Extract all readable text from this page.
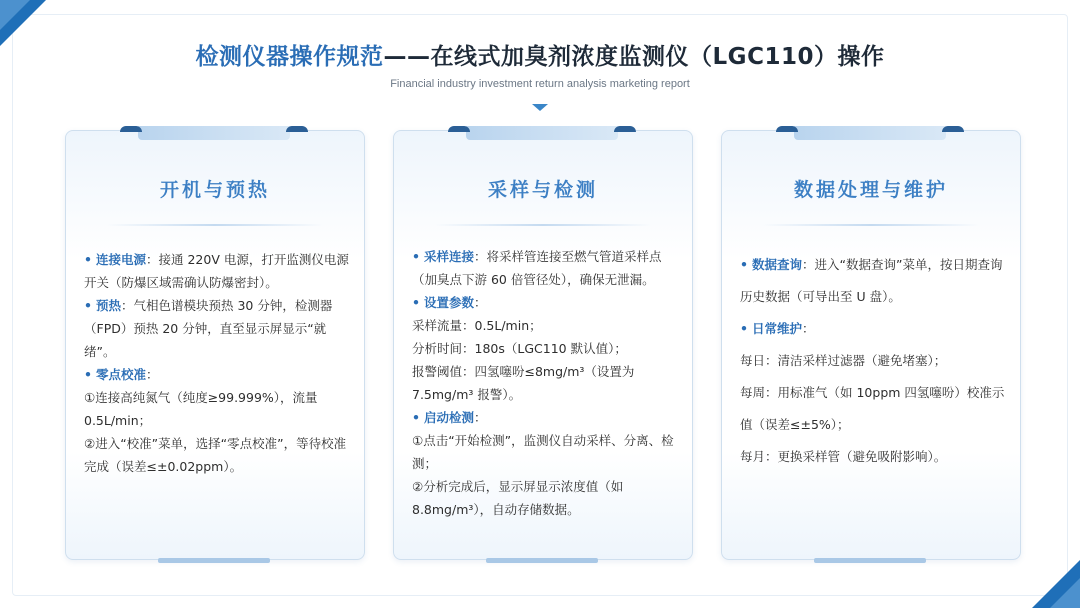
检测仪器操作规范——在线式加臭剂浓度监测仪（LGC110）操作
Financial industry investment return analysis marketing report
开机与预热

• 连接电源：接通 220V 电源，打开监测仪电源开关（防爆区域需确认防爆密封）。

• 预热：气相色谱模块预热 30 分钟，检测器（FPD）预热 20 分钟，直至显示屏显示“就绪”。

• 零点校准：

①连接高纯氮气（纯度≥99.999%），流量 0.5L/min；

②进入“校准”菜单，选择“零点校准”，等待校准完成（误差≤±0.02ppm）。

采样与检测

• 采样连接：将采样管连接至燃气管道采样点（加臭点下游 60 倍管径处），确保无泄漏。

• 设置参数：

采样流量：0.5L/min；

分析时间：180s（LGC110 默认值）；

报警阈值：四氢噻吩≤8mg/m³（设置为 7.5mg/m³ 报警）。

• 启动检测：

①点击“开始检测”，监测仪自动采样、分离、检测；

②分析完成后，显示屏显示浓度值（如 8.8mg/m³），自动存储数据。

数据处理与维护

• 数据查询：进入“数据查询”菜单，按日期查询历史数据（可导出至 U 盘）。

• 日常维护：

每日：清洁采样过滤器（避免堵塞）；

每周：用标准气（如 10ppm 四氢噻吩）校准示值（误差≤±5%）；

每月：更换采样管（避免吸附影响）。
